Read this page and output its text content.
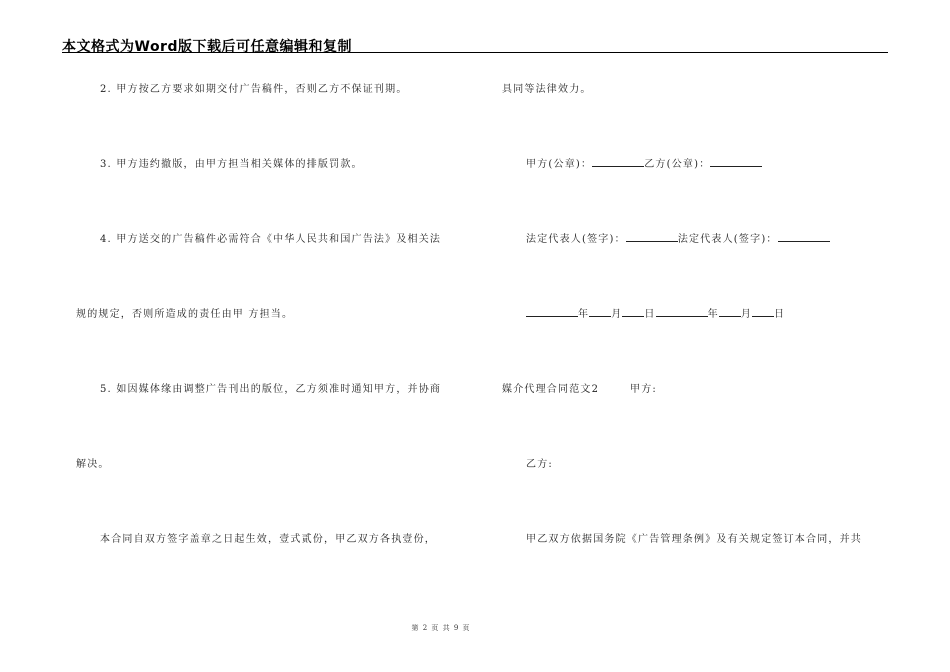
本文格式为Word版下载后可任意编辑和复制
2. 甲方按乙方要求如期交付广告稿件，否则乙方不保证刊期。
3. 甲方违约撤版，由甲方担当相关媒体的排版罚款。
4. 甲方送交的广告稿件必需符合《中华人民共和国广告法》及相关法
规的规定，否则所造成的责任由甲 方担当。
5. 如因媒体缘由调整广告刊出的版位，乙方须准时通知甲方，并协商
解决。
本合同自双方签字盖章之日起生效，壹式贰份，甲乙双方各执壹份，
具同等法律效力。
甲方(公章)：	乙方(公章)：
法定代表人(签字)：	法定代表人(签字)：
年 月 日	年 月 日
媒介代理合同范文2	甲方:
乙方:
甲乙双方依据国务院《广告管理条例》及有关规定签订本合同，并共
第 2 页 共 9 页
